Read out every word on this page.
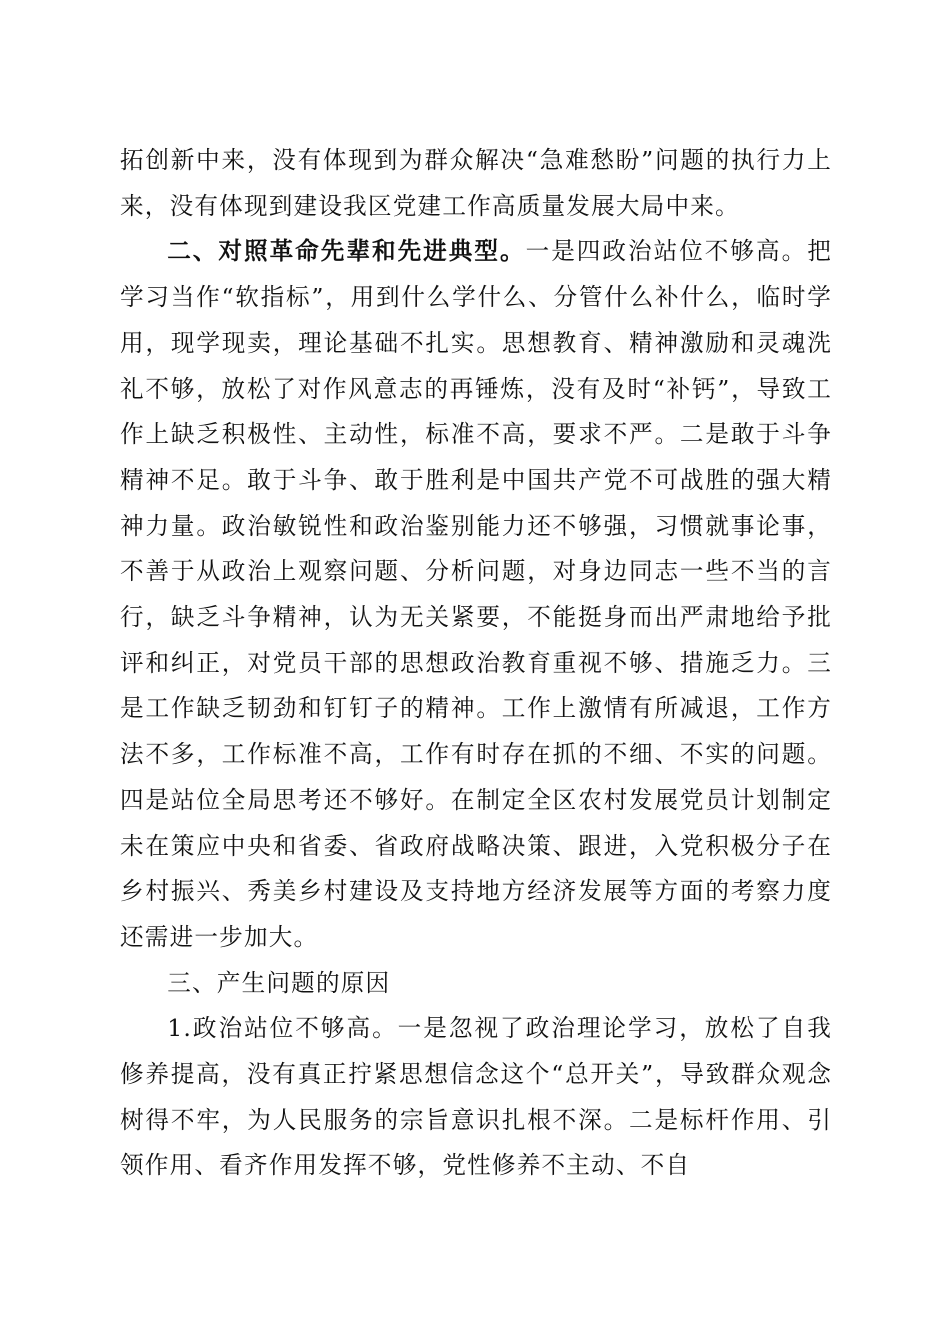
拓创新中来，没有体现到为群众解决“急难愁盼”问题的执行力上来，没有体现到建设我区党建工作高质量发展大局中来。

二、对照革命先辈和先进典型。一是四政治站位不够高。把学习当作“软指标”，用到什么学什么、分管什么补什么，临时学用，现学现卖，理论基础不扎实。思想教育、精神激励和灵魂洗礼不够，放松了对作风意志的再锤炼，没有及时“补钙”，导致工作上缺乏积极性、主动性，标准不高，要求不严。二是敢于斗争精神不足。敢于斗争、敢于胜利是中国共产党不可战胜的强大精神力量。政治敏锐性和政治鉴别能力还不够强，习惯就事论事，不善于从政治上观察问题、分析问题，对身边同志一些不当的言行，缺乏斗争精神，认为无关紧要，不能挺身而出严肃地给予批评和纠正，对党员干部的思想政治教育重视不够、措施乏力。三是工作缺乏韧劲和钉钉子的精神。工作上激情有所减退，工作方法不多，工作标准不高，工作有时存在抓的不细、不实的问题。四是站位全局思考还不够好。在制定全区农村发展党员计划制定未在策应中央和省委、省政府战略决策、跟进，入党积极分子在乡村振兴、秀美乡村建设及支持地方经济发展等方面的考察力度还需进一步加大。

三、产生问题的原因

1.政治站位不够高。一是忽视了政治理论学习，放松了自我修养提高，没有真正拧紧思想信念这个“总开关”，导致群众观念树得不牢，为人民服务的宗旨意识扎根不深。二是标杆作用、引领作用、看齐作用发挥不够，党性修养不主动、不自
